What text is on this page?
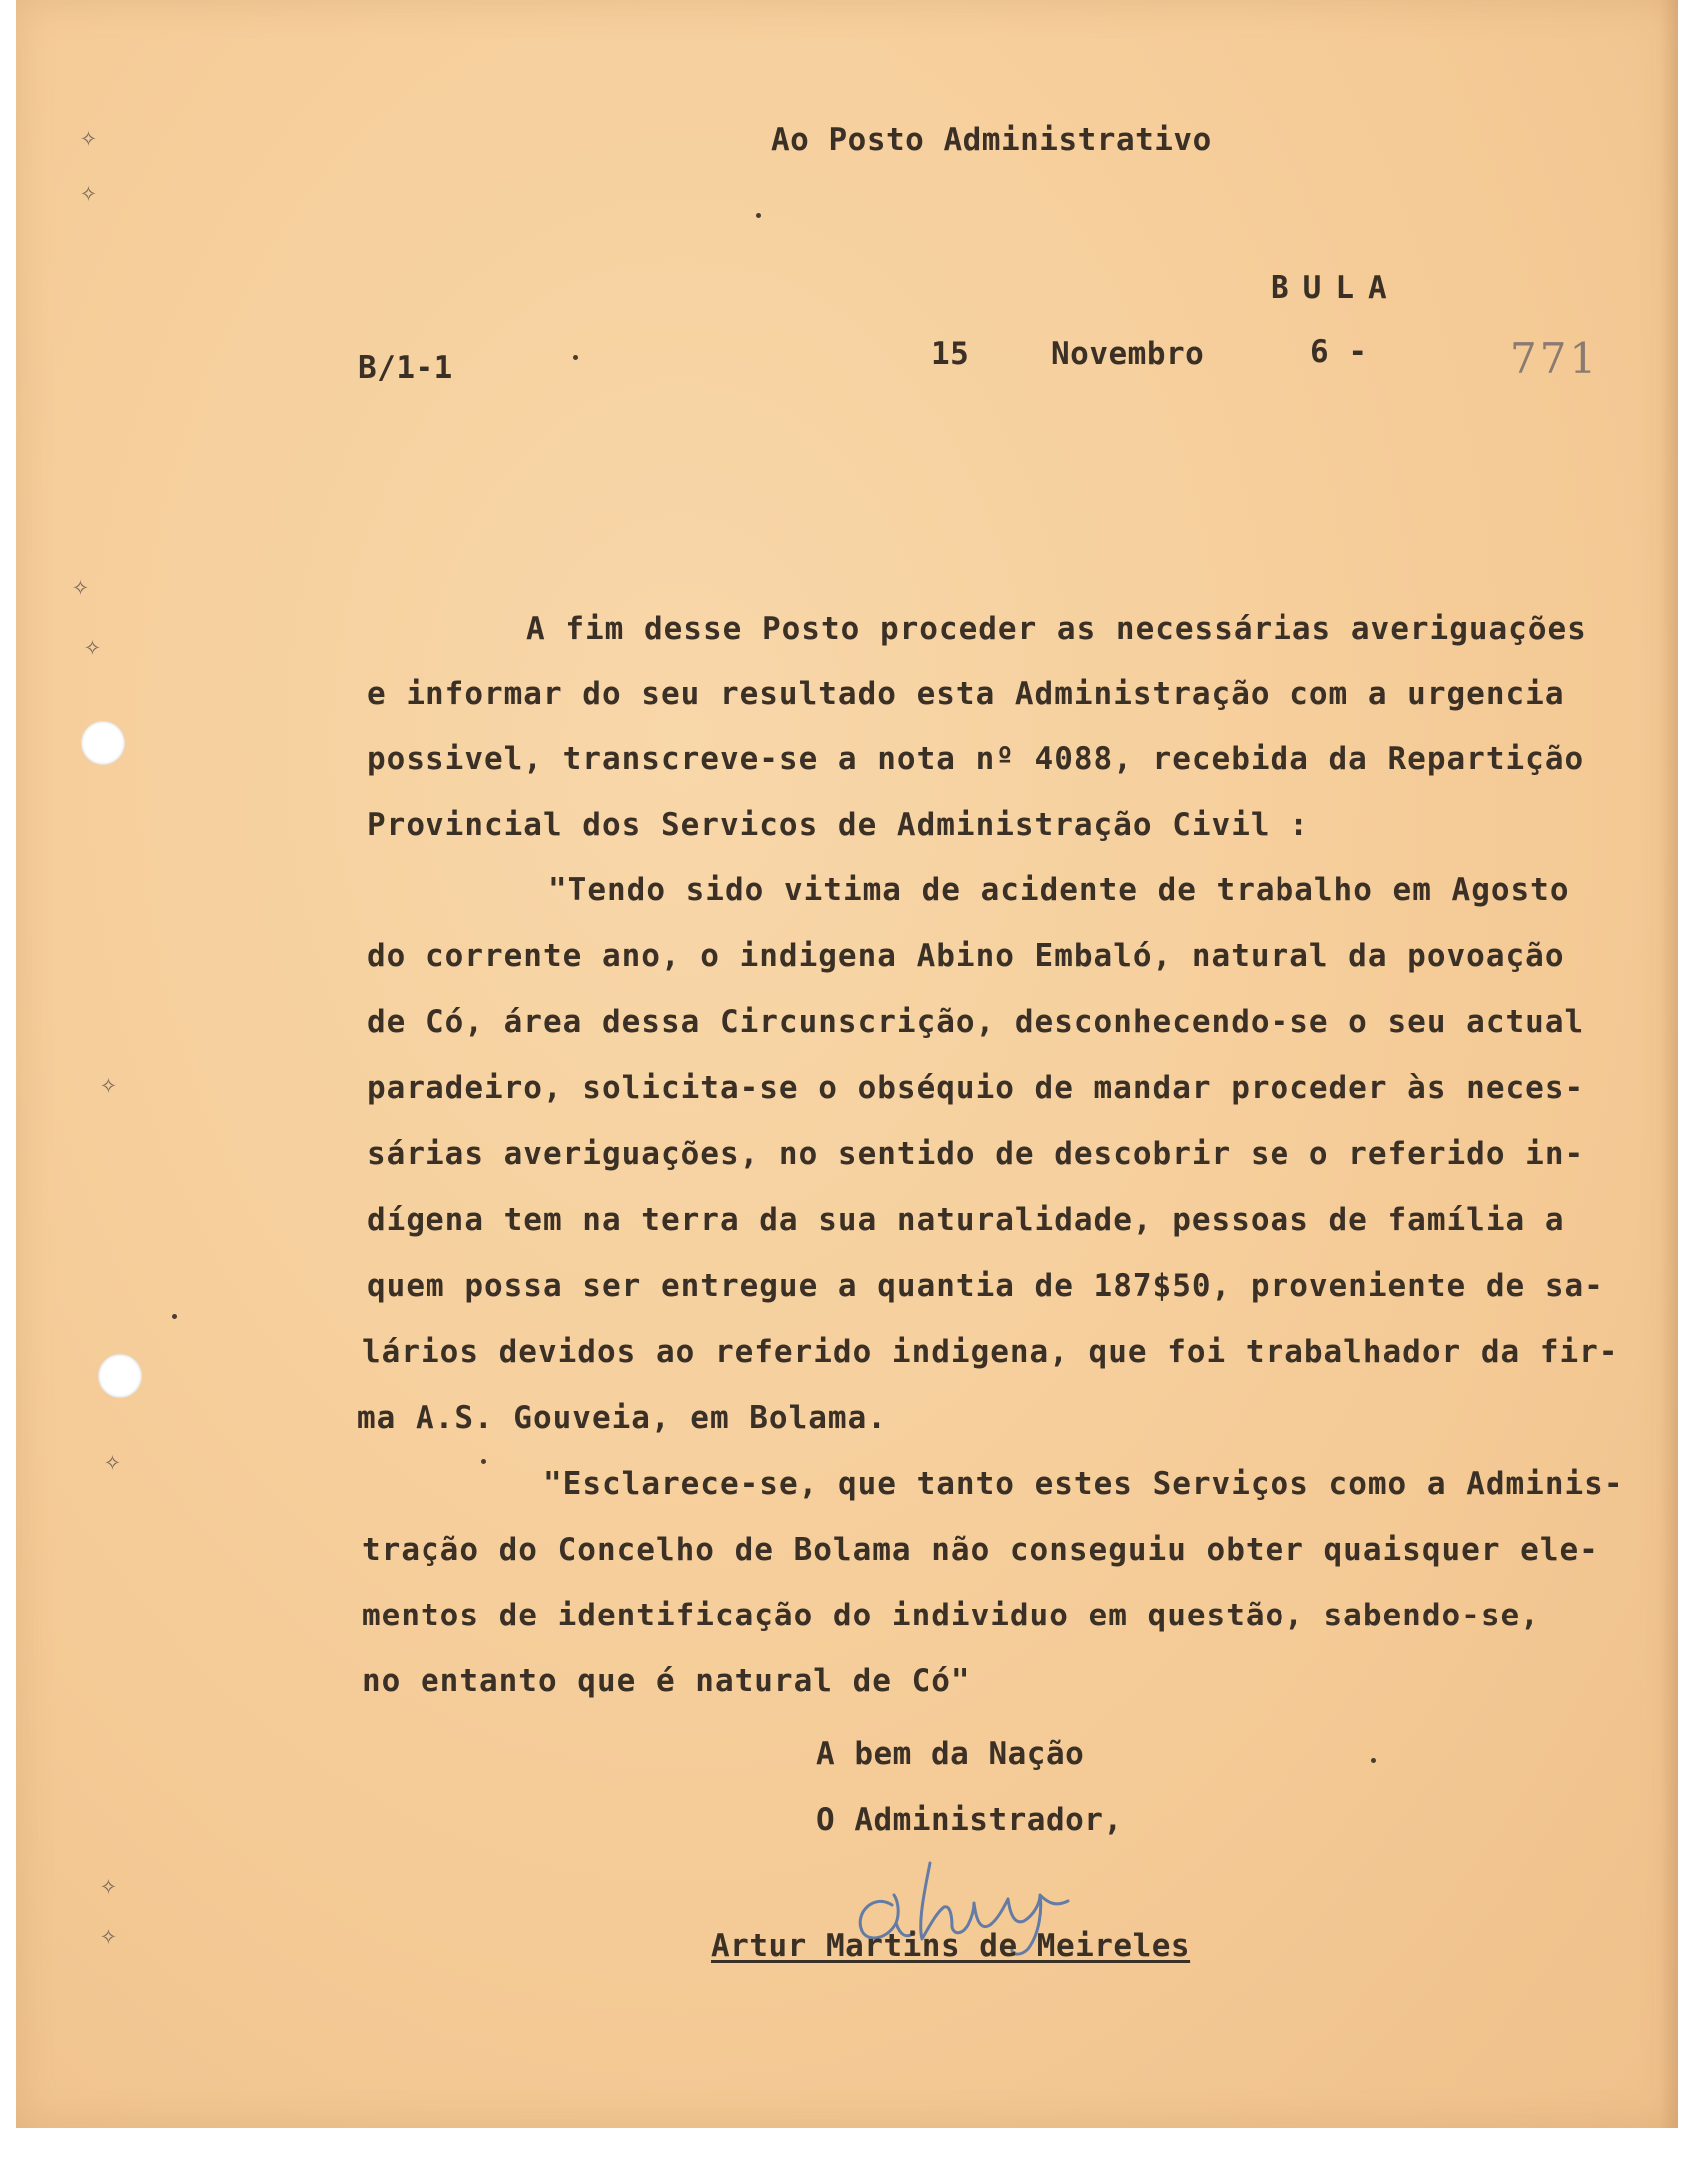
✧
✧
✧
✧
✧
✧
✧
✧
Ao Posto Administrativo
BULA
B/1-1	15	Novembro	6 -	771
A fim desse Posto proceder as necessárias averiguações
e informar do seu resultado esta Administração com a urgencia
possivel, transcreve-se a nota nº 4088, recebida da Repartição
Provincial dos Servicos de Administração Civil :
"Tendo sido vitima de acidente de trabalho em Agosto
do corrente ano, o indigena Abino Embaló, natural da povoação
de Có, área dessa Circunscrição, desconhecendo-se o seu actual
paradeiro, solicita-se o obséquio de mandar proceder às neces-
sárias averiguações, no sentido de descobrir se o referido in-
dígena tem na terra da sua naturalidade, pessoas de família a
quem possa ser entregue a quantia de 187$50, proveniente de sa-
lários devidos ao referido indigena, que foi trabalhador da fir-
ma A.S. Gouveia, em Bolama.
"Esclarece-se, que tanto estes Serviços como a Adminis-
tração do Concelho de Bolama não conseguiu obter quaisquer ele-
mentos de identificação do individuo em questão, sabendo-se,
no entanto que é natural de Có"
A bem da Nação
O Administrador,
Artur Martins de Meireles
